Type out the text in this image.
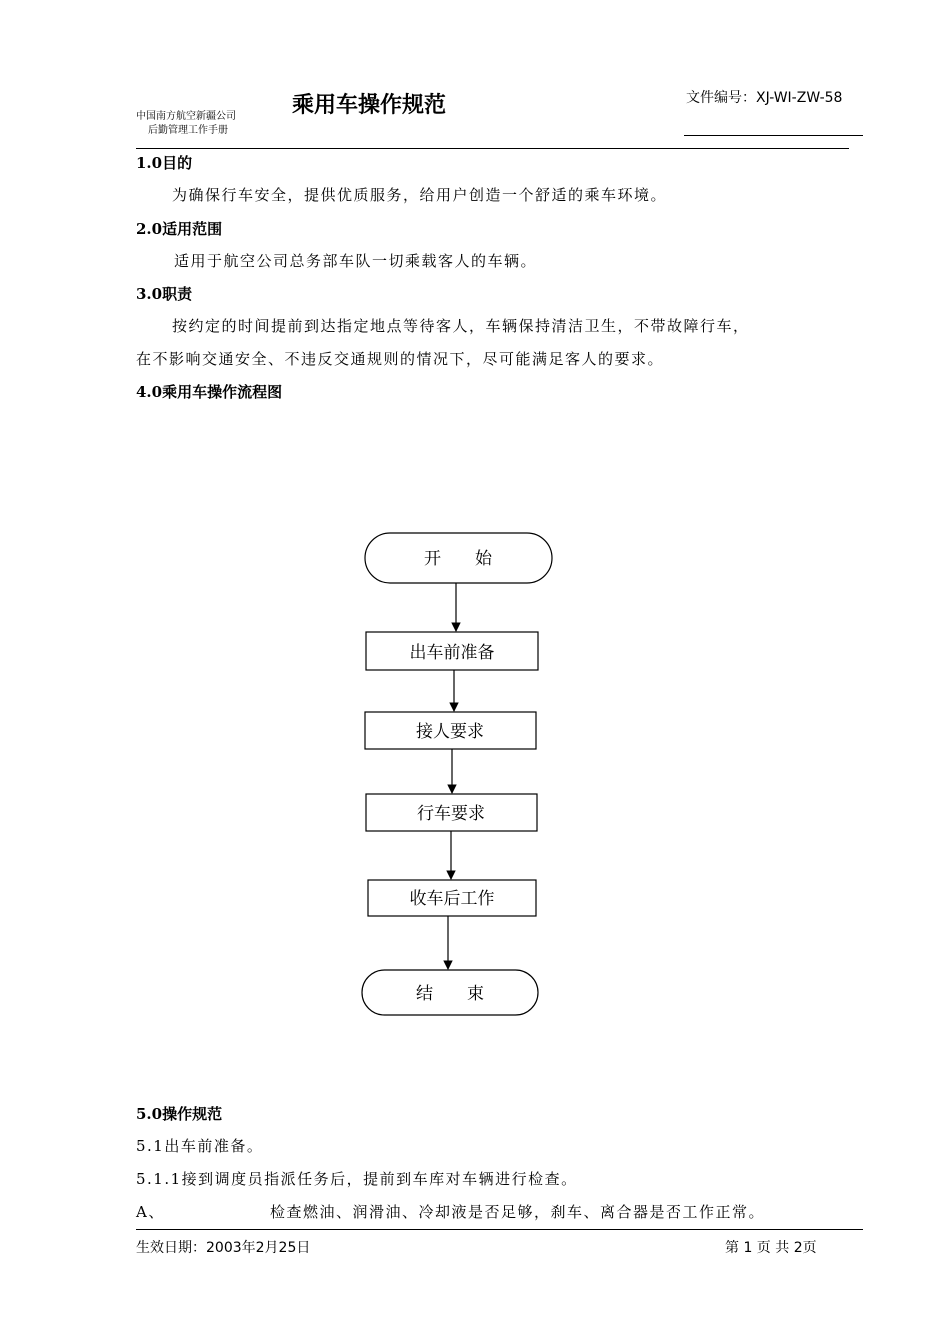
中国南方航空新疆公司
后勤管理工作手册
乘用车操作规范	文件编号：XJ-WI-ZW-58
1.0目的
为确保行车安全，提供优质服务，给用户创造一个舒适的乘车环境。
2.0适用范围
适用于航空公司总务部车队一切乘载客人的车辆。
3.0职责
按约定的时间提前到达指定地点等待客人，车辆保持清洁卫生，不带故障行车，
在不影响交通安全、不违反交通规则的情况下，尽可能满足客人的要求。
4.0乘用车操作流程图
开　　始
出车前准备
接人要求
行车要求
收车后工作
结　　束
5.0操作规范
5.1出车前准备。
5.1.1接到调度员指派任务后，提前到车库对车辆进行检查。
A、	检查燃油、润滑油、冷却液是否足够，刹车、离合器是否工作正常。
生效日期：2003年2月25日	第 1 页 共 2页
